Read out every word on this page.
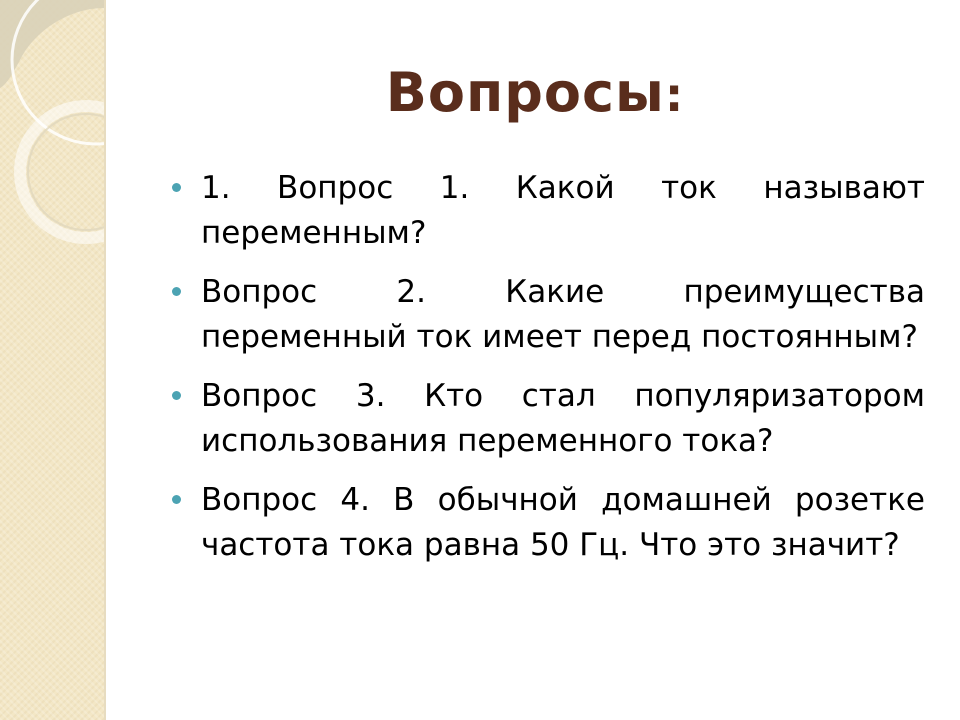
Вопросы:
1. Вопрос 1. Какой ток называют переменным?
Вопрос 2. Какие преимущества переменный ток имеет перед постоянным?
Вопрос 3. Кто стал популяризатором использования переменного тока?
Вопрос 4. В обычной домашней розетке частота тока равна 50 Гц. Что это значит?
